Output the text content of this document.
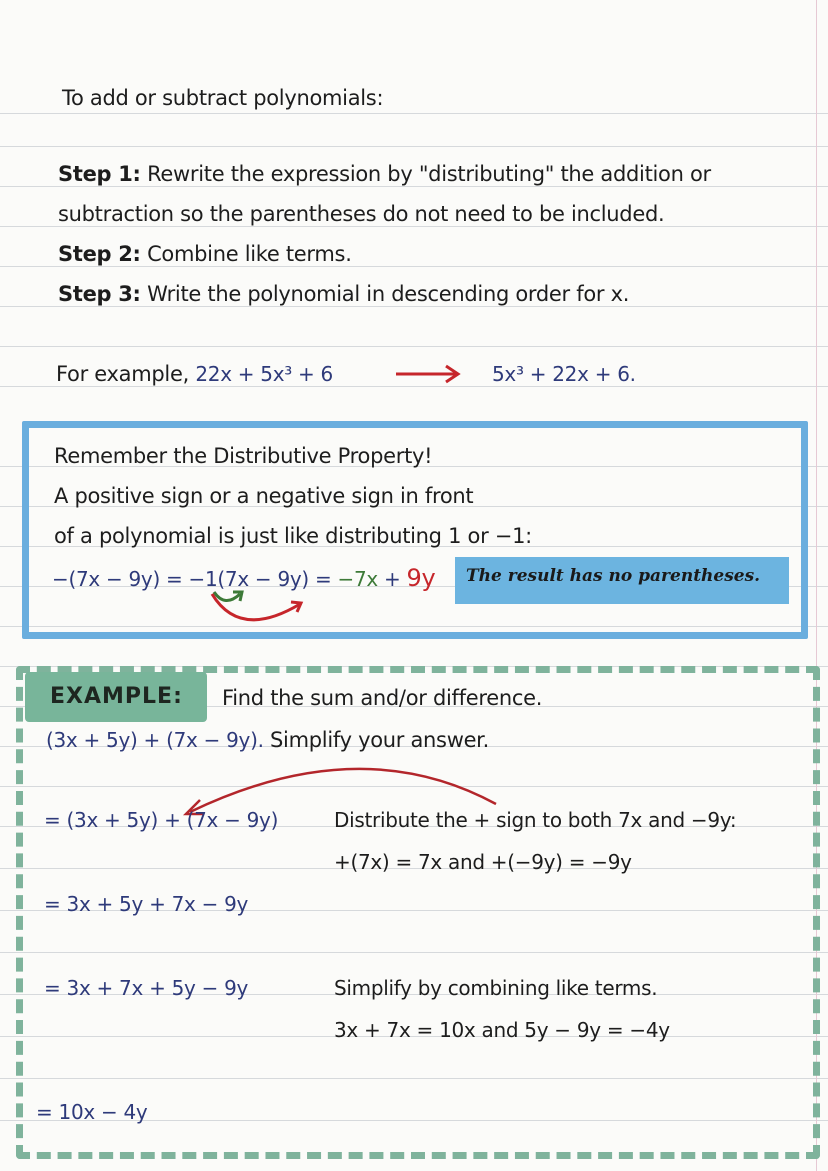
To add or subtract polynomials:
Step 1: Rewrite the expression by "distributing" the addition or
subtraction so the parentheses do not need to be included.
Step 2: Combine like terms.
Step 3: Write the polynomial in descending order for x.
For example, 22x + 5x³ + 6	5x³ + 22x + 6.
Remember the Distributive Property!
A positive sign or a negative sign in front
of a polynomial is just like distributing 1 or −1:
−(7x − 9y) = −1(7x − 9y) = −7x + 9y The result has no parentheses.
EXAMPLE: Find the sum and/or difference.
(3x + 5y) + (7x − 9y). Simplify your answer.
= (3x + 5y) + (7x − 9y)	Distribute the + sign to both 7x and −9y:
+(7x) = 7x and +(−9y) = −9y
= 3x + 5y + 7x − 9y
= 3x + 7x + 5y − 9y	Simplify by combining like terms.
3x + 7x = 10x and 5y − 9y = −4y
= 10x − 4y
